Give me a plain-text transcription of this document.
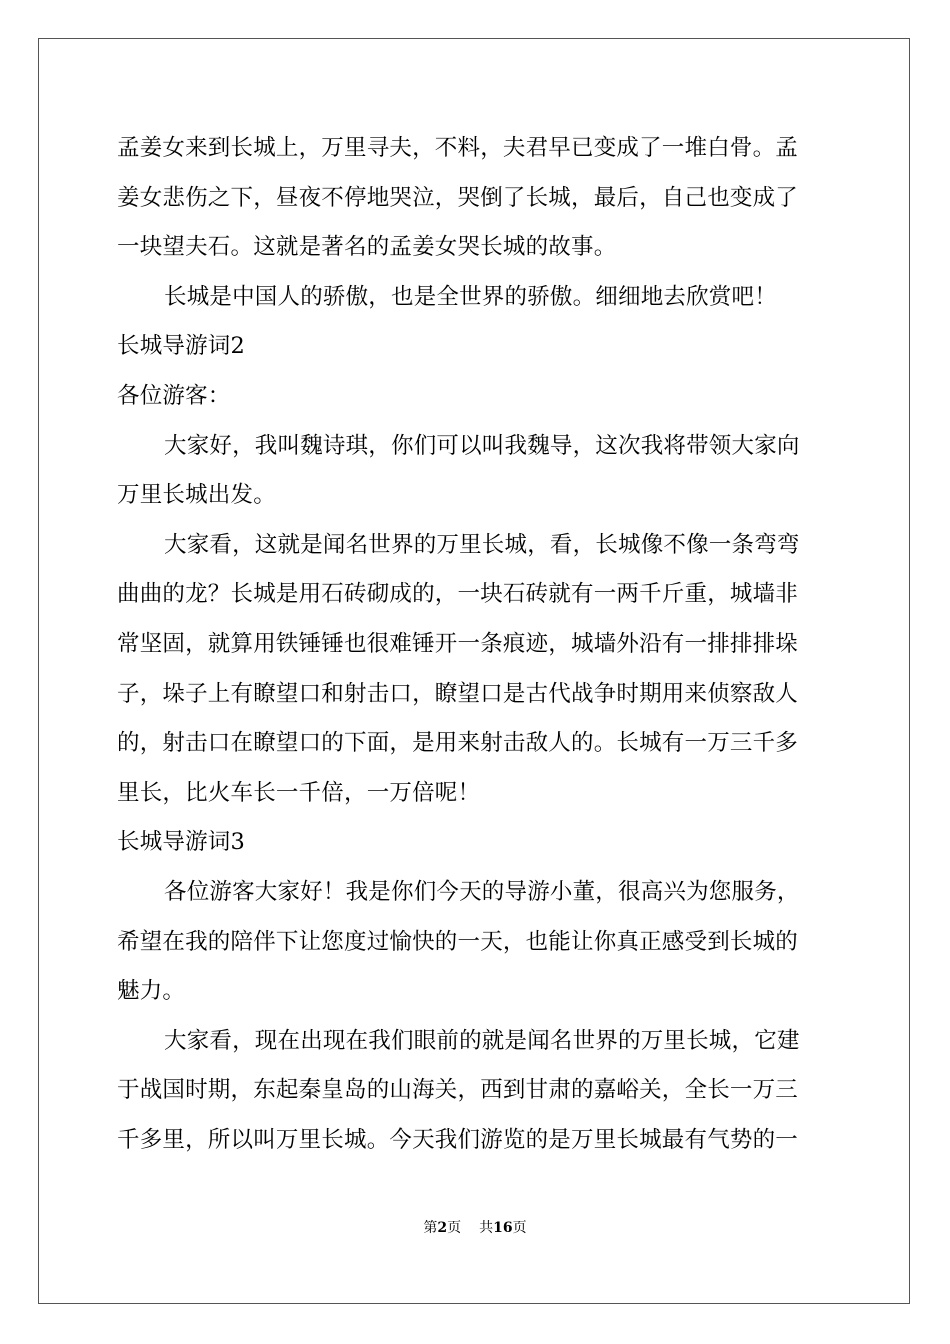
孟姜女来到长城上，万里寻夫，不料，夫君早已变成了一堆白骨。孟
姜女悲伤之下，昼夜不停地哭泣，哭倒了长城，最后，自己也变成了
一块望夫石。这就是著名的孟姜女哭长城的故事。
长城是中国人的骄傲，也是全世界的骄傲。细细地去欣赏吧！
长城导游词2
各位游客：
大家好，我叫魏诗琪，你们可以叫我魏导，这次我将带领大家向
万里长城出发。
大家看，这就是闻名世界的万里长城，看，长城像不像一条弯弯
曲曲的龙？长城是用石砖砌成的，一块石砖就有一两千斤重，城墙非
常坚固，就算用铁锤锤也很难锤开一条痕迹，城墙外沿有一排排排垛
子，垛子上有瞭望口和射击口，瞭望口是古代战争时期用来侦察敌人
的，射击口在瞭望口的下面，是用来射击敌人的。长城有一万三千多
里长，比火车长一千倍，一万倍呢！
长城导游词3
各位游客大家好！我是你们今天的导游小董，很高兴为您服务，
希望在我的陪伴下让您度过愉快的一天，也能让你真正感受到长城的
魅力。
大家看，现在出现在我们眼前的就是闻名世界的万里长城，它建
于战国时期，东起秦皇岛的山海关，西到甘肃的嘉峪关，全长一万三
千多里，所以叫万里长城。今天我们游览的是万里长城最有气势的一
第2页 共16页
